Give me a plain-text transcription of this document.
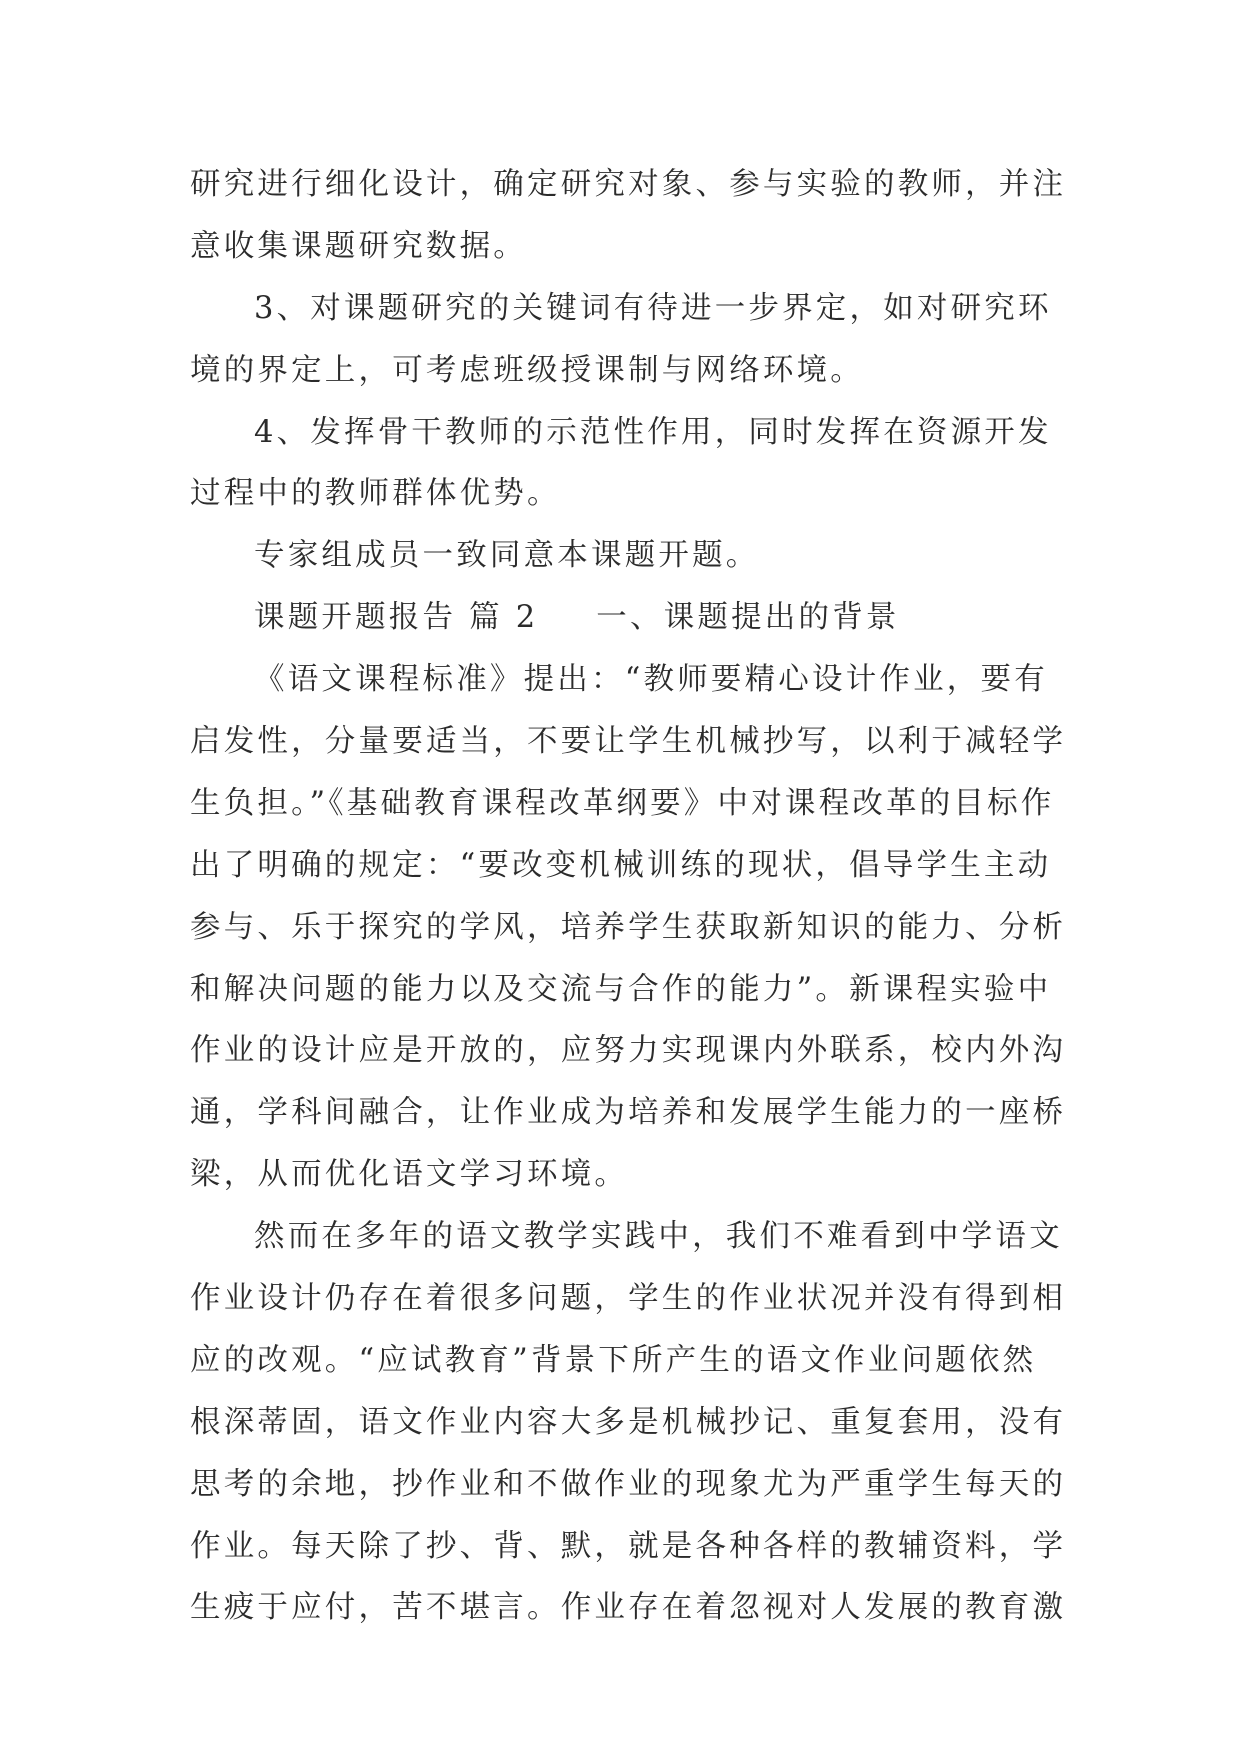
研究进行细化设计，确定研究对象、参与实验的教师，并注
意收集课题研究数据。
3、对课题研究的关键词有待进一步界定，如对研究环
境的界定上，可考虑班级授课制与网络环境。
4、发挥骨干教师的示范性作用，同时发挥在资源开发
过程中的教师群体优势。
专家组成员一致同意本课题开题。
课题开题报告 篇 2 一、课题提出的背景
《语文课程标准》提出：“教师要精心设计作业，要有
启发性，分量要适当，不要让学生机械抄写，以利于减轻学
生负担。”《基础教育课程改革纲要》中对课程改革的目标作
出了明确的规定：“要改变机械训练的现状，倡导学生主动
参与、乐于探究的学风，培养学生获取新知识的能力、分析
和解决问题的能力以及交流与合作的能力”。新课程实验中
作业的设计应是开放的，应努力实现课内外联系，校内外沟
通，学科间融合，让作业成为培养和发展学生能力的一座桥
梁，从而优化语文学习环境。
然而在多年的语文教学实践中，我们不难看到中学语文
作业设计仍存在着很多问题，学生的作业状况并没有得到相
应的改观。“应试教育”背景下所产生的语文作业问题依然
根深蒂固，语文作业内容大多是机械抄记、重复套用，没有
思考的余地，抄作业和不做作业的现象尤为严重学生每天的
作业。每天除了抄、背、默，就是各种各样的教辅资料，学
生疲于应付，苦不堪言。作业存在着忽视对人发展的教育激
